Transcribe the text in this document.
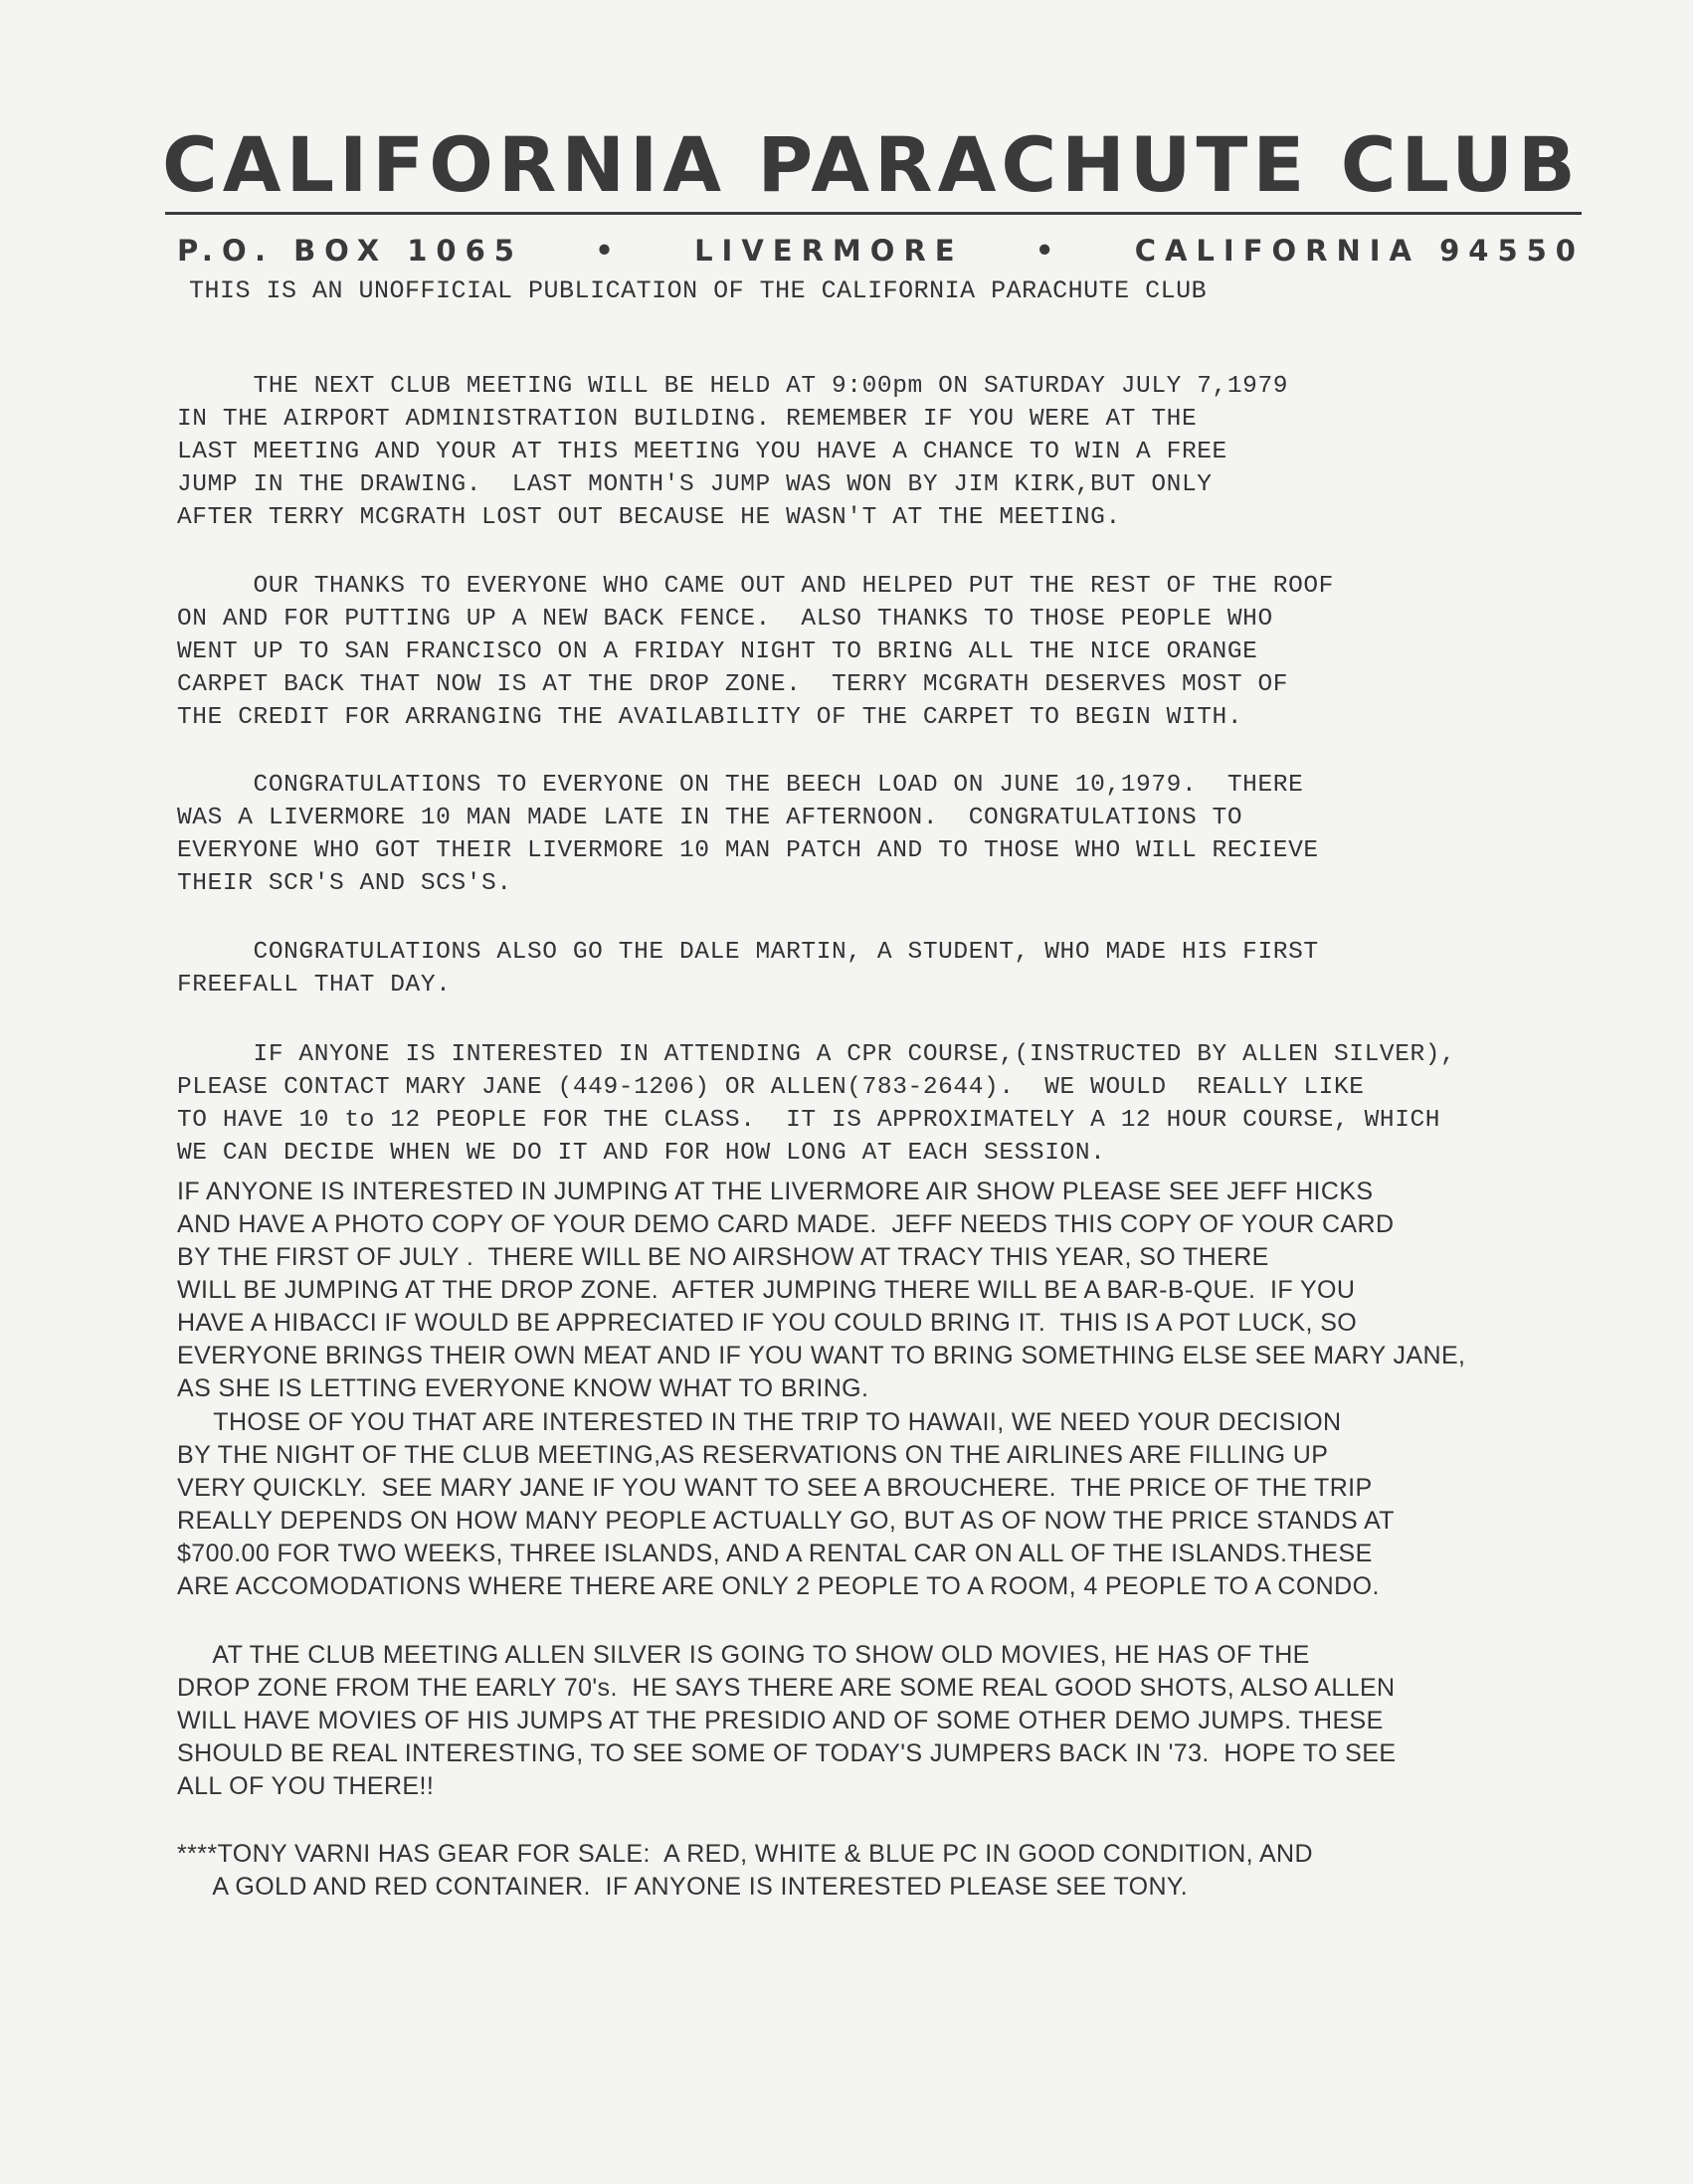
CALIFORNIA PARACHUTE CLUB
P.O. BOX 1065 • LIVERMORE • CALIFORNIA 94550
THIS IS AN UNOFFICIAL PUBLICATION OF THE CALIFORNIA PARACHUTE CLUB
THE NEXT CLUB MEETING WILL BE HELD AT 9:00pm ON SATURDAY JULY 7,1979
IN THE AIRPORT ADMINISTRATION BUILDING. REMEMBER IF YOU WERE AT THE
LAST MEETING AND YOUR AT THIS MEETING YOU HAVE A CHANCE TO WIN A FREE
JUMP IN THE DRAWING.  LAST MONTH'S JUMP WAS WON BY JIM KIRK,BUT ONLY
AFTER TERRY MCGRATH LOST OUT BECAUSE HE WASN'T AT THE MEETING.
OUR THANKS TO EVERYONE WHO CAME OUT AND HELPED PUT THE REST OF THE ROOF
ON AND FOR PUTTING UP A NEW BACK FENCE.  ALSO THANKS TO THOSE PEOPLE WHO
WENT UP TO SAN FRANCISCO ON A FRIDAY NIGHT TO BRING ALL THE NICE ORANGE
CARPET BACK THAT NOW IS AT THE DROP ZONE.  TERRY MCGRATH DESERVES MOST OF
THE CREDIT FOR ARRANGING THE AVAILABILITY OF THE CARPET TO BEGIN WITH.
CONGRATULATIONS TO EVERYONE ON THE BEECH LOAD ON JUNE 10,1979.  THERE
WAS A LIVERMORE 10 MAN MADE LATE IN THE AFTERNOON.  CONGRATULATIONS TO
EVERYONE WHO GOT THEIR LIVERMORE 10 MAN PATCH AND TO THOSE WHO WILL RECIEVE
THEIR SCR'S AND SCS'S.
CONGRATULATIONS ALSO GO THE DALE MARTIN, A STUDENT, WHO MADE HIS FIRST
FREEFALL THAT DAY.
IF ANYONE IS INTERESTED IN ATTENDING A CPR COURSE,(INSTRUCTED BY ALLEN SILVER),
PLEASE CONTACT MARY JANE (449-1206) OR ALLEN(783-2644).  WE WOULD  REALLY LIKE
TO HAVE 10 to 12 PEOPLE FOR THE CLASS.  IT IS APPROXIMATELY A 12 HOUR COURSE, WHICH
WE CAN DECIDE WHEN WE DO IT AND FOR HOW LONG AT EACH SESSION.
IF ANYONE IS INTERESTED IN JUMPING AT THE LIVERMORE AIR SHOW PLEASE SEE JEFF HICKS
AND HAVE A PHOTO COPY OF YOUR DEMO CARD MADE.  JEFF NEEDS THIS COPY OF YOUR CARD
BY THE FIRST OF JULY .  THERE WILL BE NO AIRSHOW AT TRACY THIS YEAR, SO THERE
WILL BE JUMPING AT THE DROP ZONE.  AFTER JUMPING THERE WILL BE A BAR-B-QUE.  IF YOU
HAVE A HIBACCI IF WOULD BE APPRECIATED IF YOU COULD BRING IT.  THIS IS A POT LUCK, SO
EVERYONE BRINGS THEIR OWN MEAT AND IF YOU WANT TO BRING SOMETHING ELSE SEE MARY JANE,
AS SHE IS LETTING EVERYONE KNOW WHAT TO BRING.
THOSE OF YOU THAT ARE INTERESTED IN THE TRIP TO HAWAII, WE NEED YOUR DECISION
BY THE NIGHT OF THE CLUB MEETING,AS RESERVATIONS ON THE AIRLINES ARE FILLING UP
VERY QUICKLY.  SEE MARY JANE IF YOU WANT TO SEE A BROUCHERE.  THE PRICE OF THE TRIP
REALLY DEPENDS ON HOW MANY PEOPLE ACTUALLY GO, BUT AS OF NOW THE PRICE STANDS AT
$700.00 FOR TWO WEEKS, THREE ISLANDS, AND A RENTAL CAR ON ALL OF THE ISLANDS.THESE
ARE ACCOMODATIONS WHERE THERE ARE ONLY 2 PEOPLE TO A ROOM, 4 PEOPLE TO A CONDO.
AT THE CLUB MEETING ALLEN SILVER IS GOING TO SHOW OLD MOVIES, HE HAS OF THE
DROP ZONE FROM THE EARLY 70's.  HE SAYS THERE ARE SOME REAL GOOD SHOTS, ALSO ALLEN
WILL HAVE MOVIES OF HIS JUMPS AT THE PRESIDIO AND OF SOME OTHER DEMO JUMPS. THESE
SHOULD BE REAL INTERESTING, TO SEE SOME OF TODAY'S JUMPERS BACK IN '73.  HOPE TO SEE
ALL OF YOU THERE!!
****TONY VARNI HAS GEAR FOR SALE:  A RED, WHITE & BLUE PC IN GOOD CONDITION, AND
A GOLD AND RED CONTAINER.  IF ANYONE IS INTERESTED PLEASE SEE TONY.
